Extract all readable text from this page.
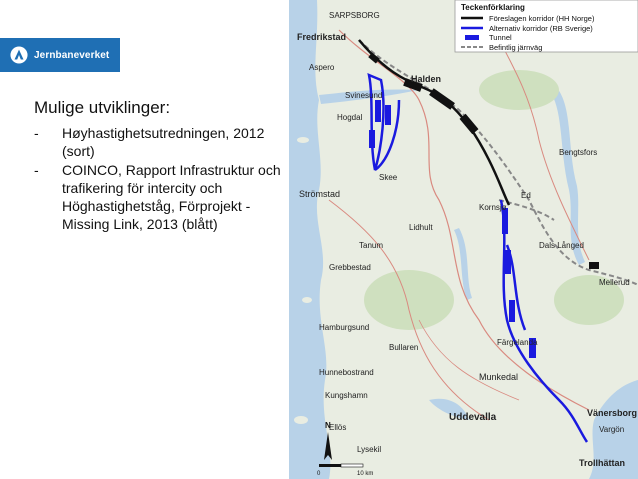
Jernbaneverket

Mulige utviklinger:

- Høyhastighetsutredningen, 2012 (sort)
- COINCO, Rapport Infrastruktur och trafikering för intercity och Höghastighetståg, Förprojekt - Missing Link, 2013 (blått)
SARPSBORG
Fredrikstad
Halden
Strömstad
Bengtsfors
Mellerud
Munkedal
Uddevalla	Vänersborg
Vargön
Lysekil
Trollhättan
Tanum
Ed
Dals Långed
Färgelanda
Hamburgsund
Grebbestad
Kungshamn
Hunnebostrand
Skee
Hogdal
Aspero
Kornsjø
Svinesund
Lidhult
Bullaren
Ellös
Teckenförklaring
Föreslagen korridor (HH Norge)
Alternativ korridor (RB Sverige)
Tunnel
Befintlig järnväg
N
0	10 km
